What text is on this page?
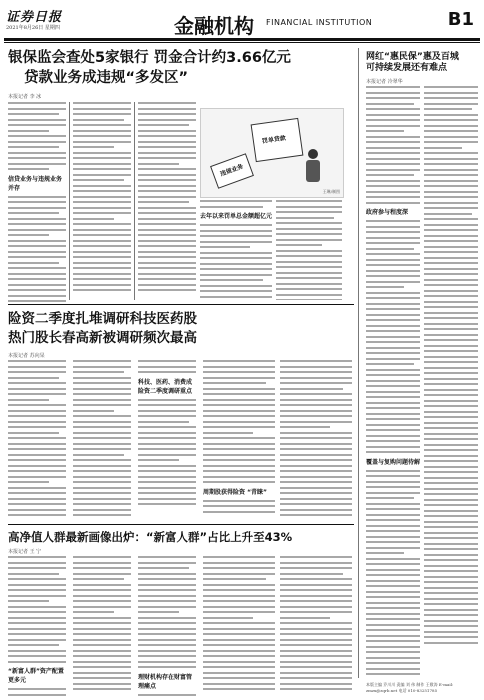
证券日报
2021年8月26日 星期四	金融机构 FINANCIAL INSTITUTION	B1
银保监会查处5家银行 罚金合计约3.66亿元
贷款业务成违规“多发区”
本报记者 李 冰
信贷业务与违规业务并存
罚单贷款
违规业务
王琳/制图
去年以来罚单总金额超亿元
险资二季度扎堆调研科技医药股
热门股长春高新被调研频次最高
本报记者 苏向杲
科技、医药、消费成险资二季度调研重点
周期股获得险资 “青睐”
高净值人群最新画像出炉：“新富人群”占比上升至43%
本报记者 王 宁
“新富人群”资产配置更多元	理财机构存在财富管理痛点
网红“惠民保”惠及百城
可持续发展还有难点
本报记者 冷翠华
政府参与程度深
覆盖与复购问题待解
本版主编 乔川川 责编 刘 伟 制作 王敬涛 E-mail: zmzx@zqrb.net 电话 010-83251785
